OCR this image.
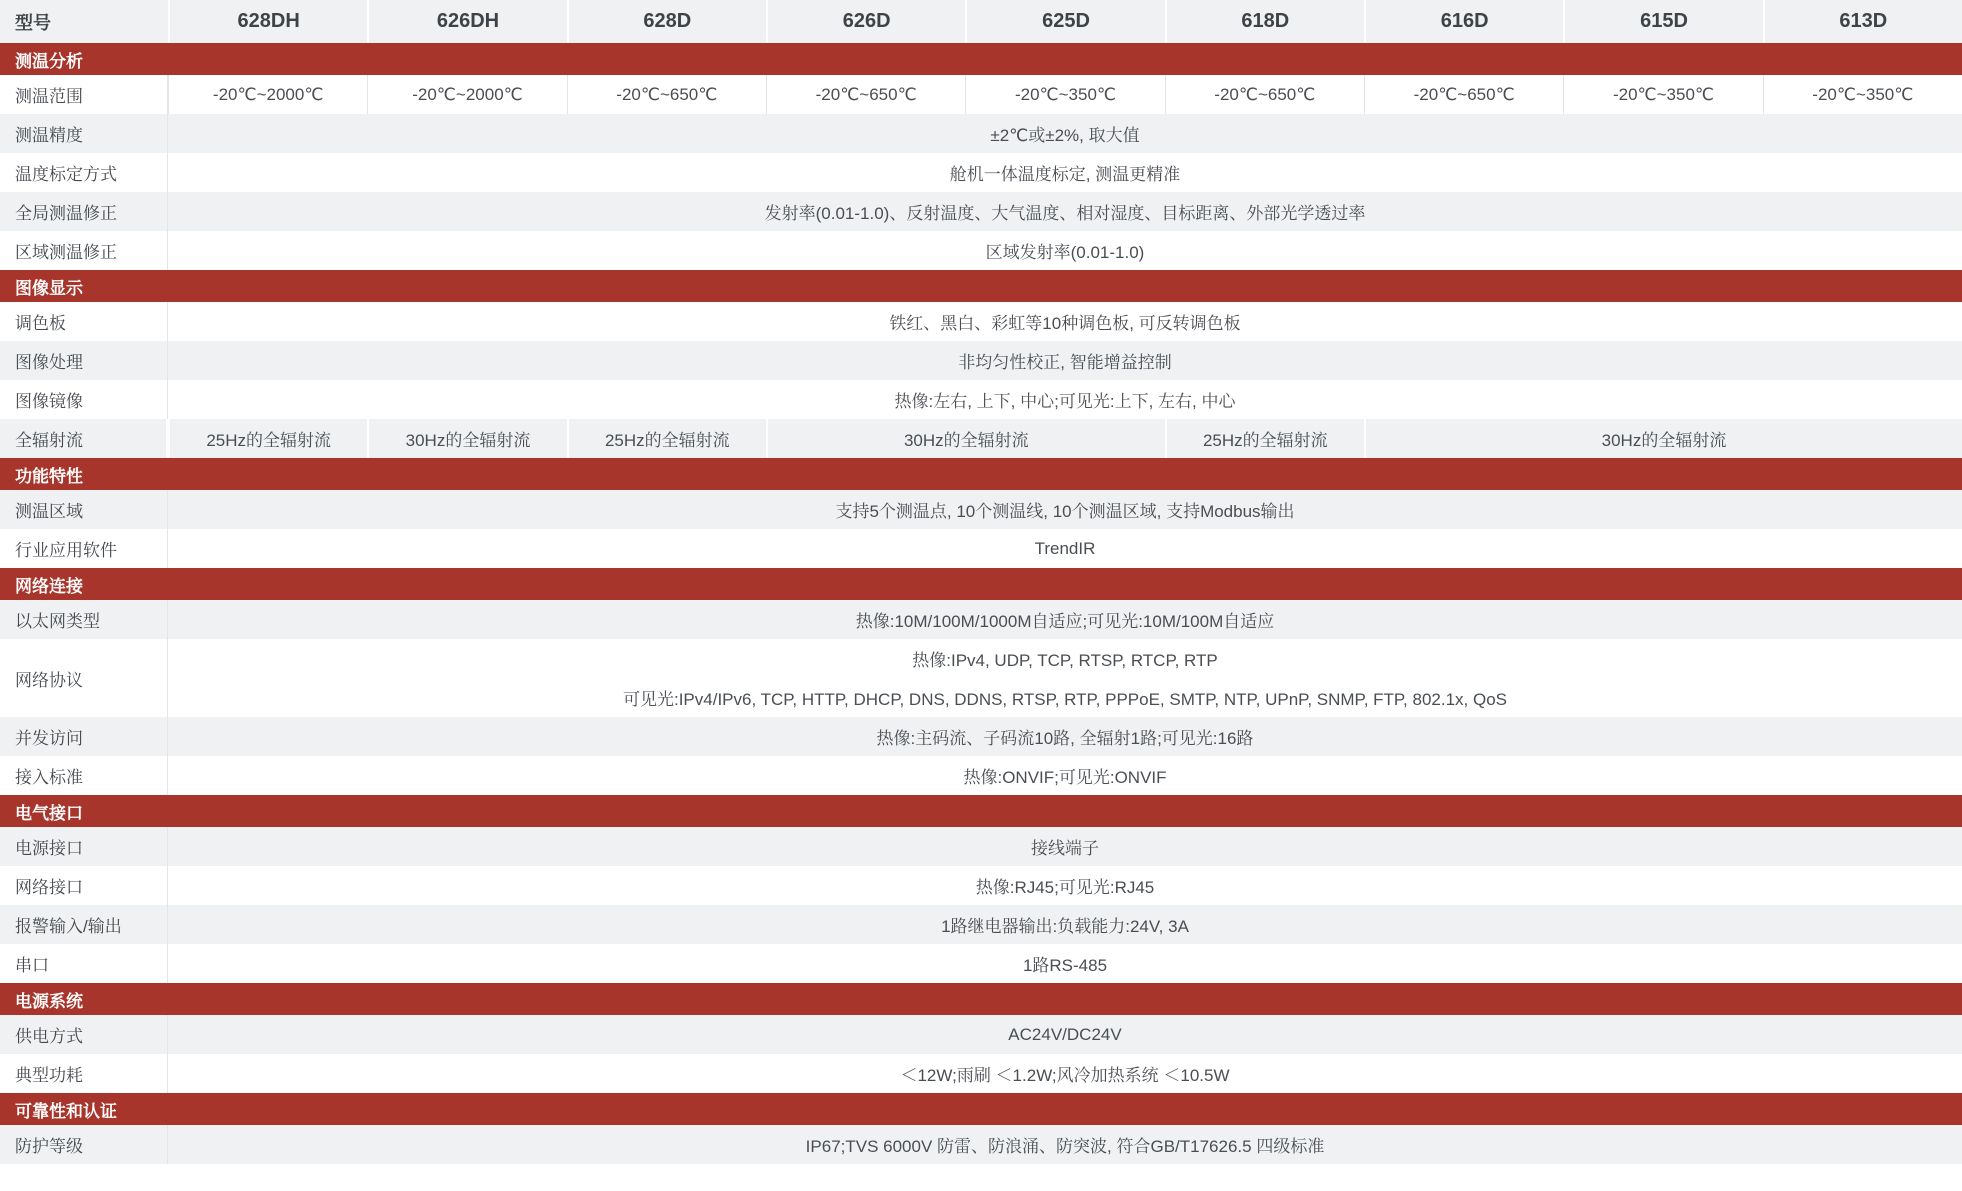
型号	628DH	626DH	628D	626D	625D	618D	616D	615D	613D
测温分析
测温范围	-20℃~2000℃	-20℃~2000℃	-20℃~650℃	-20℃~650℃	-20℃~350℃	-20℃~650℃	-20℃~650℃	-20℃~350℃	-20℃~350℃
测温精度	±2℃或±2%, 取大值
温度标定方式	舱机一体温度标定, 测温更精准
全局测温修正	发射率(0.01-1.0)、反射温度、大气温度、相对湿度、目标距离、外部光学透过率
区域测温修正	区域发射率(0.01-1.0)
图像显示
调色板	铁红、黑白、彩虹等10种调色板, 可反转调色板
图像处理	非均匀性校正, 智能增益控制
图像镜像	热像:左右, 上下, 中心;可见光:上下, 左右, 中心
全辐射流	25Hz的全辐射流	30Hz的全辐射流	25Hz的全辐射流	30Hz的全辐射流	25Hz的全辐射流	30Hz的全辐射流
功能特性
测温区域	支持5个测温点, 10个测温线, 10个测温区域, 支持Modbus输出
行业应用软件	TrendIR
网络连接
以太网类型	热像:10M/100M/1000M自适应;可见光:10M/100M自适应
网络协议
热像:IPv4, UDP, TCP, RTSP, RTCP, RTP
可见光:IPv4/IPv6, TCP, HTTP, DHCP, DNS, DDNS, RTSP, RTP, PPPoE, SMTP, NTP, UPnP, SNMP, FTP, 802.1x, QoS
并发访问	热像:主码流、子码流10路, 全辐射1路;可见光:16路
接入标准	热像:ONVIF;可见光:ONVIF
电气接口
电源接口	接线端子
网络接口	热像:RJ45;可见光:RJ45
报警输入/输出	1路继电器输出:负载能力:24V, 3A
串口	1路RS-485
电源系统
供电方式	AC24V/DC24V
典型功耗	＜12W;雨刷 ＜1.2W;风冷加热系统 ＜10.5W
可靠性和认证
防护等级	IP67;TVS 6000V 防雷、防浪涌、防突波, 符合GB/T17626.5 四级标准
